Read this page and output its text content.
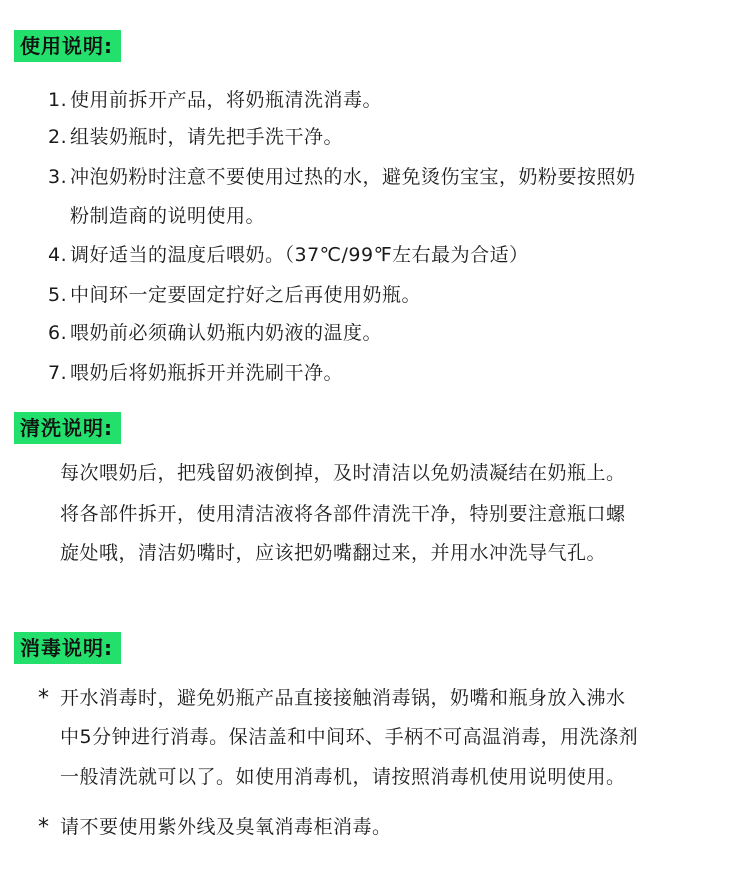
使用说明:
1. 使用前拆开产品，将奶瓶清洗消毒。
2. 组装奶瓶时，请先把手洗干净。
3. 冲泡奶粉时注意不要使用过热的水，避免烫伤宝宝，奶粉要按照奶
粉制造商的说明使用。
4. 调好适当的温度后喂奶。（37℃/99℉左右最为合适）
5. 中间环一定要固定拧好之后再使用奶瓶。
6. 喂奶前必须确认奶瓶内奶液的温度。
7. 喂奶后将奶瓶拆开并洗刷干净。
清洗说明:
每次喂奶后，把残留奶液倒掉，及时清洁以免奶渍凝结在奶瓶上。
将各部件拆开，使用清洁液将各部件清洗干净，特别要注意瓶口螺
旋处哦，清洁奶嘴时，应该把奶嘴翻过来，并用水冲洗导气孔。
消毒说明:
* 开水消毒时，避免奶瓶产品直接接触消毒锅，奶嘴和瓶身放入沸水
中5分钟进行消毒。保洁盖和中间环、手柄不可高温消毒，用洗涤剂
一般清洗就可以了。如使用消毒机，请按照消毒机使用说明使用。
* 请不要使用紫外线及臭氧消毒柜消毒。
